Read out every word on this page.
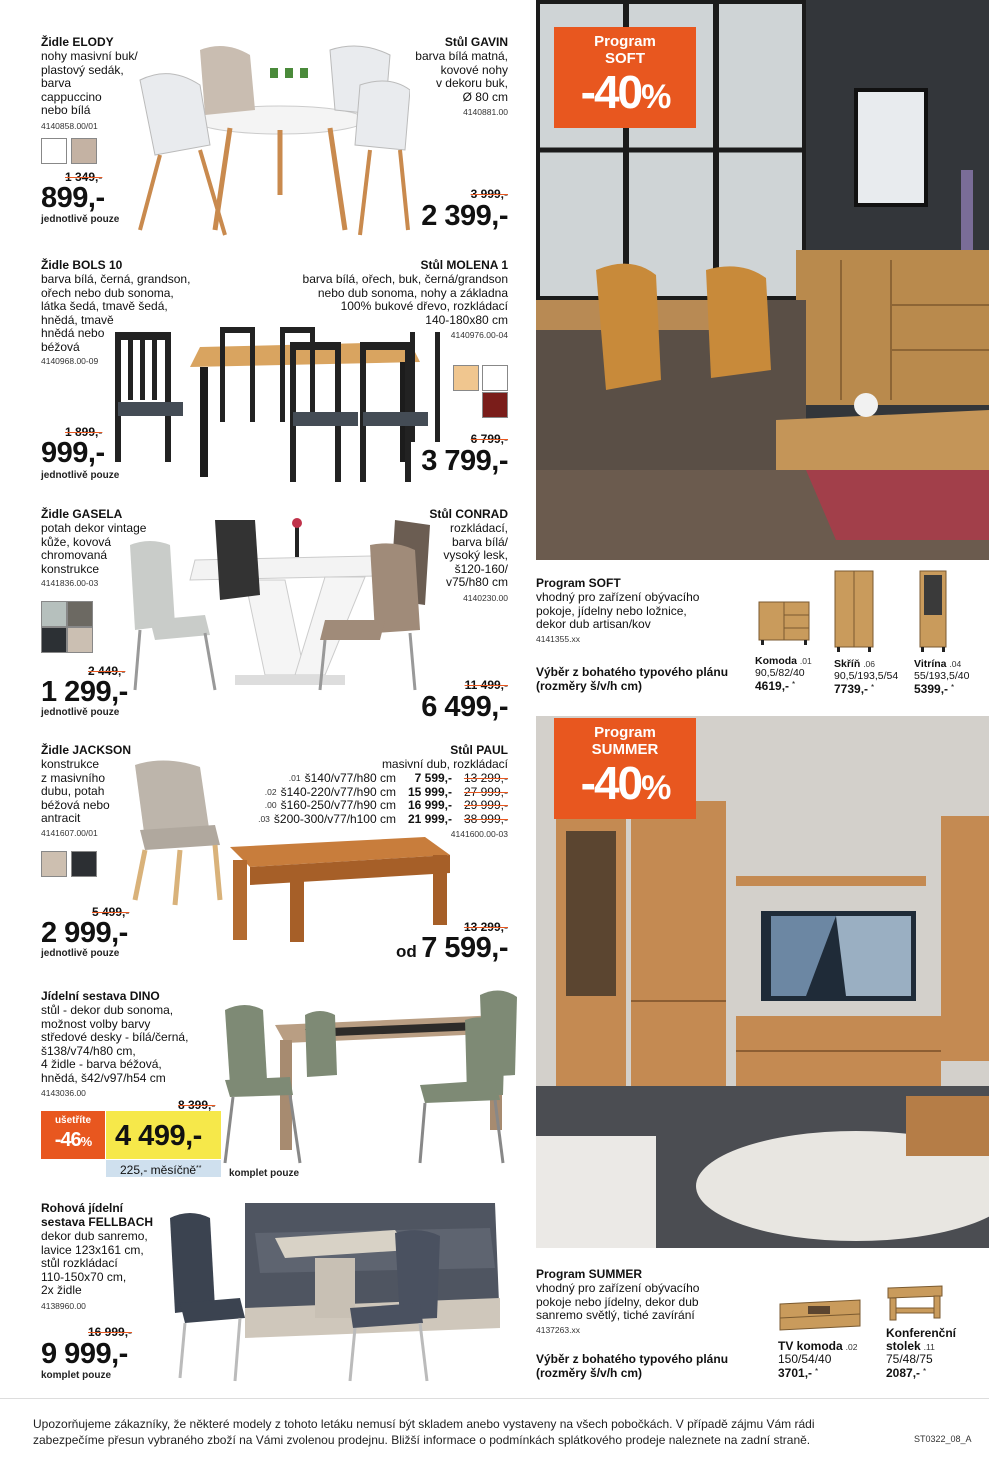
Židle ELODY
nohy masivní buk/
plastový sedák,
barva
cappuccino
nebo bílá
4140858.00/01
1 349,-
899,-
jednotlivě pouze
Stůl GAVIN
barva bílá matná,
kovové nohy
v dekoru buk,
Ø 80 cm
4140881.00
3 999,-
2 399,-
Židle BOLS 10
barva bílá, černá, grandson,
ořech nebo dub sonoma,
látka šedá, tmavě šedá,
hnědá, tmavě
hnědá nebo
béžová
4140968.00-09
1 899,-
999,-
jednotlivě pouze
Stůl MOLENA 1
barva bílá, ořech, buk, černá/grandson
nebo dub sonoma, nohy a základna
100% bukové dřevo, rozkládací
140-180x80 cm
4140976.00-04
6 799,-
3 799,-
Židle GASELA
potah dekor vintage
kůže, kovová
chromovaná
konstrukce
4141836.00-03
2 449,-
1 299,-
jednotlivě pouze
Stůl CONRAD
rozkládací,
barva bílá/
vysoký lesk,
š120-160/
v75/h80 cm
4140230.00
11 499,-
6 499,-
Židle JACKSON
konstrukce
z masivního
dubu, potah
béžová nebo
antracit
4141607.00/01
5 499,-
2 999,-
jednotlivě pouze
Stůl PAUL
masivní dub, rozkládací
.01 š140/v77/h80 cm	7 599,- 13 299,-
.02 š140-220/v77/h90 cm 15 999,- 27 999,-
.00 š160-250/v77/h90 cm 16 999,- 29 999,-
.03 š200-300/v77/h100 cm 21 999,- 38 999,-
4141600.00-03
13 299,-
od 7 599,-
Jídelní sestava DINO
stůl - dekor dub sonoma,
možnost volby barvy
středové desky - bílá/černá,
š138/v74/h80 cm,
4 židle - barva béžová,
hnědá, š42/v97/h54 cm
4143036.00
ušetříte
-46% 4 499,-
8 399,-
225,- měsíčně**	komplet pouze
Rohová jídelní
sestava FELLBACH
dekor dub sanremo,
lavice 123x161 cm,
stůl rozkládací
110-150x70 cm,
2x židle
4138960.00
16 999,-
9 999,-
komplet pouze
Program
SOFT
-40%
Program SOFT
vhodný pro zařízení obývacího
pokoje, jídelny nebo ložnice,
dekor dub artisan/kov
4141355.xx
Výběr z bohatého typového plánu
(rozměry š/v/h cm)
Komoda .01
90,5/82/40
4619,- *
Skříň .06
90,5/193,5/54
7739,- *
Vitrína .04
55/193,5/40
5399,- *
Program
SUMMER
-40%
Program SUMMER
vhodný pro zařízení obývacího
pokoje nebo jídelny, dekor dub
sanremo světlý, tiché zavírání
4137263.xx
Výběr z bohatého typového plánu
(rozměry š/v/h cm)
TV komoda .02
150/54/40
3701,- *
Konferenční
stolek .11
75/48/75
2087,- *
Upozorňujeme zákazníky, že některé modely z tohoto letáku nemusí být skladem anebo vystaveny na všech pobočkách. V případě zájmu Vám rádi
zabezpečíme přesun vybraného zboží na Vámi zvolenou prodejnu. Bližší informace o podmínkách splátkového prodeje naleznete na zadní straně.	ST0322_08_A
